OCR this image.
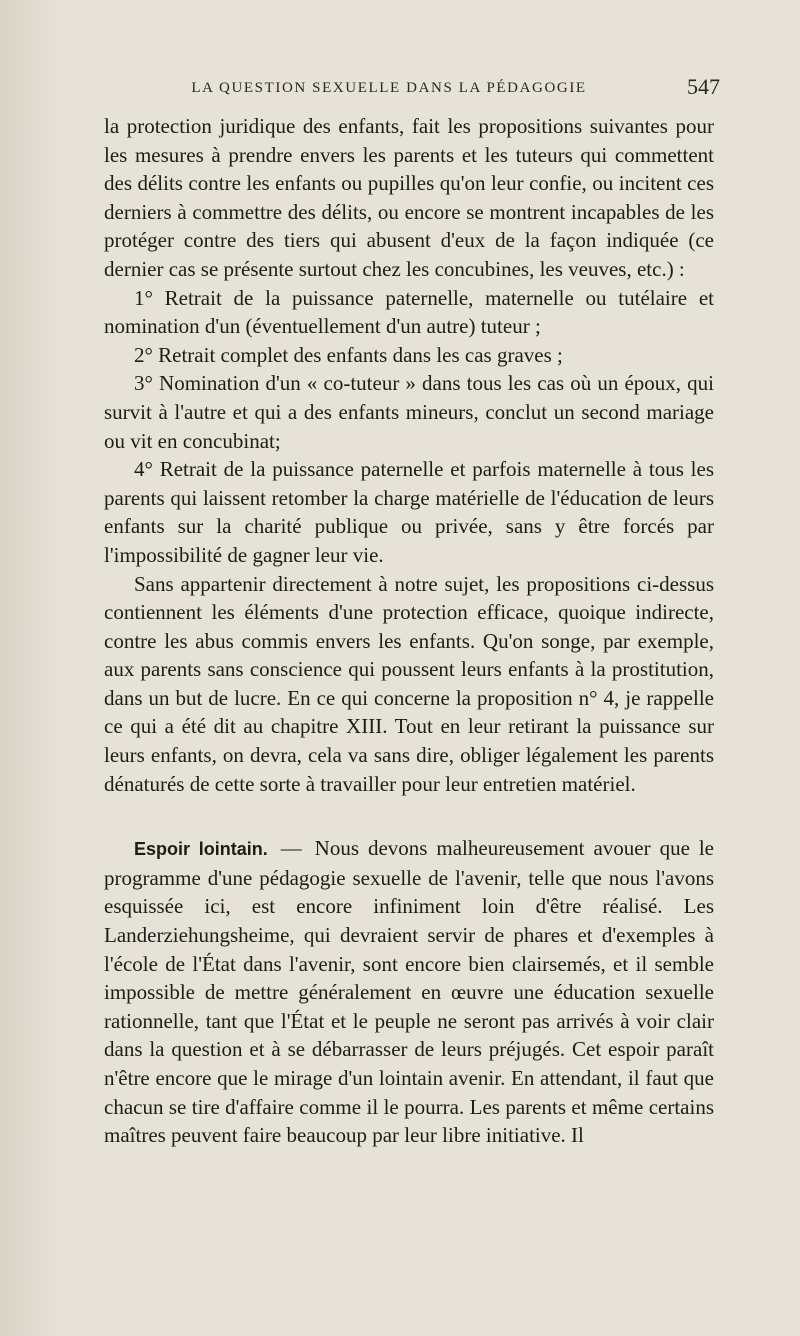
LA QUESTION SEXUELLE DANS LA PÉDAGOGIE	547

la protection juridique des enfants, fait les propositions suivantes pour les mesures à prendre envers les parents et les tuteurs qui commettent des délits contre les enfants ou pupilles qu'on leur confie, ou incitent ces derniers à commettre des délits, ou encore se montrent incapables de les protéger contre des tiers qui abusent d'eux de la façon indiquée (ce dernier cas se présente surtout chez les concubines, les veuves, etc.) :

1° Retrait de la puissance paternelle, maternelle ou tutélaire et nomination d'un (éventuellement d'un autre) tuteur ;

2° Retrait complet des enfants dans les cas graves ;

3° Nomination d'un « co-tuteur » dans tous les cas où un époux, qui survit à l'autre et qui a des enfants mineurs, conclut un second mariage ou vit en concubinat;

4° Retrait de la puissance paternelle et parfois maternelle à tous les parents qui laissent retomber la charge matérielle de l'éducation de leurs enfants sur la charité publique ou privée, sans y être forcés par l'impossibilité de gagner leur vie.

Sans appartenir directement à notre sujet, les propositions ci-dessus contiennent les éléments d'une protection efficace, quoique indirecte, contre les abus commis envers les enfants. Qu'on songe, par exemple, aux parents sans conscience qui poussent leurs enfants à la prostitution, dans un but de lucre. En ce qui concerne la proposition n° 4, je rappelle ce qui a été dit au chapitre XIII. Tout en leur retirant la puissance sur leurs enfants, on devra, cela va sans dire, obliger légalement les parents dénaturés de cette sorte à travailler pour leur entretien matériel.

Espoir lointain. — Nous devons malheureusement avouer que le programme d'une pédagogie sexuelle de l'avenir, telle que nous l'avons esquissée ici, est encore infiniment loin d'être réalisé. Les Landerziehungsheime, qui devraient servir de phares et d'exemples à l'école de l'État dans l'avenir, sont encore bien clairsemés, et il semble impossible de mettre généralement en œuvre une éducation sexuelle rationnelle, tant que l'État et le peuple ne seront pas arrivés à voir clair dans la question et à se débarrasser de leurs préjugés. Cet espoir paraît n'être encore que le mirage d'un lointain avenir. En attendant, il faut que chacun se tire d'affaire comme il le pourra. Les parents et même certains maîtres peuvent faire beaucoup par leur libre initiative. Il
